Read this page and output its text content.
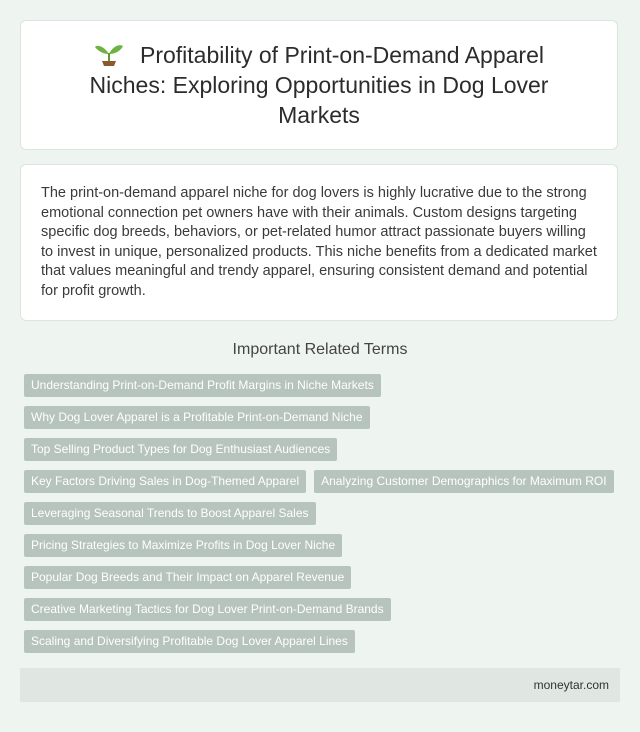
Profitability of Print-on-Demand Apparel Niches: Exploring Opportunities in Dog Lover Markets

The print-on-demand apparel niche for dog lovers is highly lucrative due to the strong emotional connection pet owners have with their animals. Custom designs targeting specific dog breeds, behaviors, or pet-related humor attract passionate buyers willing to invest in unique, personalized products. This niche benefits from a dedicated market that values meaningful and trendy apparel, ensuring consistent demand and potential for profit growth.

Important Related Terms
Understanding Print-on-Demand Profit Margins in Niche Markets
Why Dog Lover Apparel is a Profitable Print-on-Demand Niche
Top Selling Product Types for Dog Enthusiast Audiences
Key Factors Driving Sales in Dog-Themed Apparel	Analyzing Customer Demographics for Maximum ROI
Leveraging Seasonal Trends to Boost Apparel Sales
Pricing Strategies to Maximize Profits in Dog Lover Niche
Popular Dog Breeds and Their Impact on Apparel Revenue
Creative Marketing Tactics for Dog Lover Print-on-Demand Brands
Scaling and Diversifying Profitable Dog Lover Apparel Lines
moneytar.com
